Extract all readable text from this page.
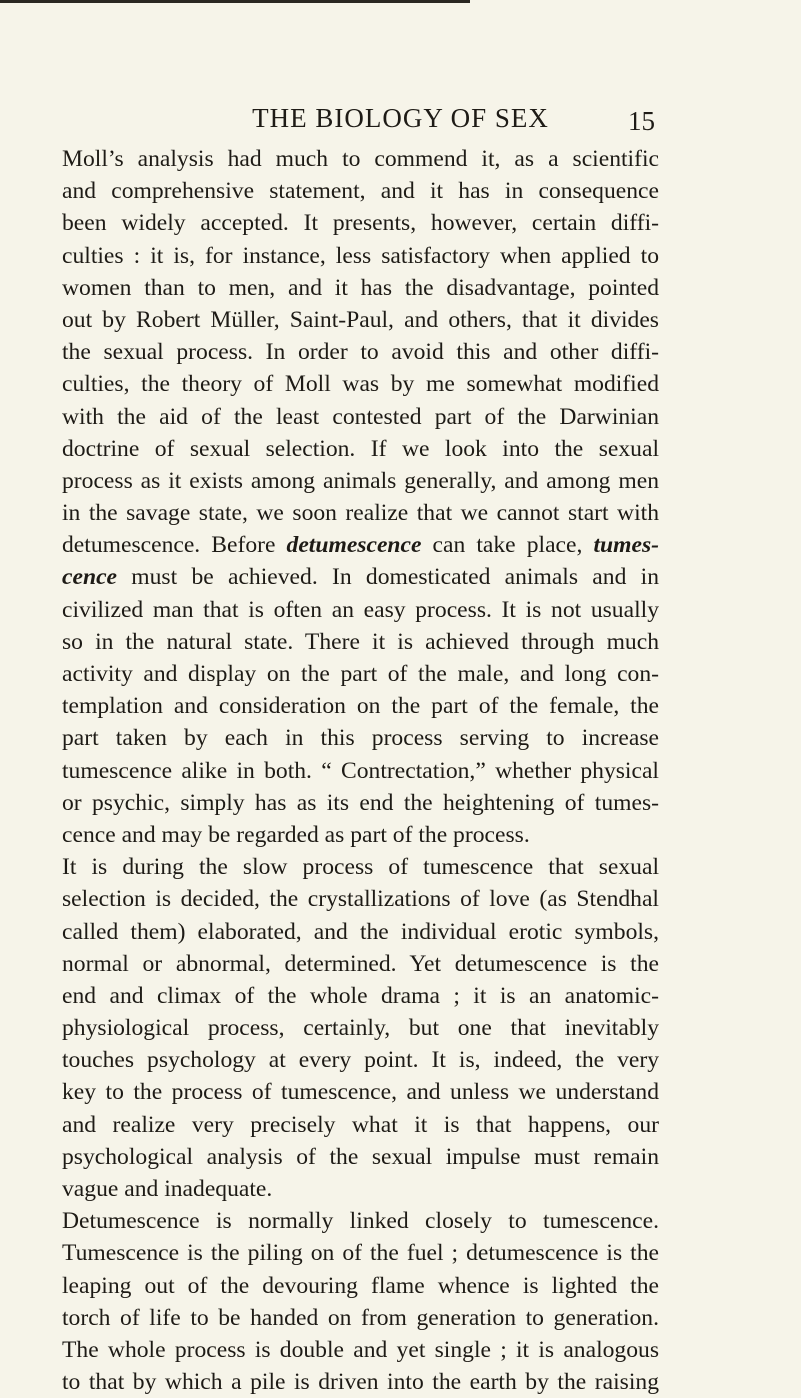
THE BIOLOGY OF SEX	15
Moll’s analysis had much to commend it, as a scientific
and comprehensive statement, and it has in consequence
been widely accepted. It presents, however, certain diffi-
culties : it is, for instance, less satisfactory when applied to
women than to men, and it has the disadvantage, pointed
out by Robert Müller, Saint-Paul, and others, that it divides
the sexual process. In order to avoid this and other diffi-
culties, the theory of Moll was by me somewhat modified
with the aid of the least contested part of the Darwinian
doctrine of sexual selection. If we look into the sexual
process as it exists among animals generally, and among men
in the savage state, we soon realize that we cannot start with
detumescence. Before detumescence can take place, tumes-
cence must be achieved. In domesticated animals and in
civilized man that is often an easy process. It is not usually
so in the natural state. There it is achieved through much
activity and display on the part of the male, and long con-
templation and consideration on the part of the female, the
part taken by each in this process serving to increase
tumescence alike in both. “ Contrectation,” whether physical
or psychic, simply has as its end the heightening of tumes-
cence and may be regarded as part of the process.
It is during the slow process of tumescence that sexual
selection is decided, the crystallizations of love (as Stendhal
called them) elaborated, and the individual erotic symbols,
normal or abnormal, determined. Yet detumescence is the
end and climax of the whole drama ; it is an anatomic-
physiological process, certainly, but one that inevitably
touches psychology at every point. It is, indeed, the very
key to the process of tumescence, and unless we understand
and realize very precisely what it is that happens, our
psychological analysis of the sexual impulse must remain
vague and inadequate.
Detumescence is normally linked closely to tumescence.
Tumescence is the piling on of the fuel ; detumescence is the
leaping out of the devouring flame whence is lighted the
torch of life to be handed on from generation to generation.
The whole process is double and yet single ; it is analogous
to that by which a pile is driven into the earth by the raising
